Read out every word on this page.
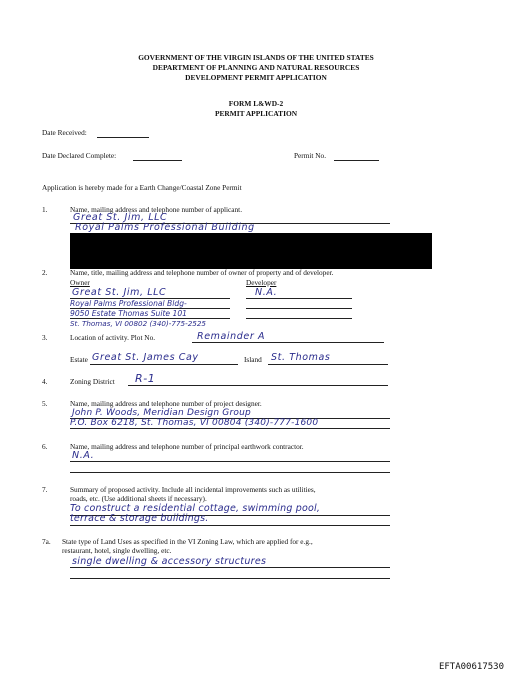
GOVERNMENT OF THE VIRGIN ISLANDS OF THE UNITED STATES
DEPARTMENT OF PLANNING AND NATURAL RESOURCES
DEVELOPMENT PERMIT APPLICATION
FORM L&WD-2
PERMIT APPLICATION
Date Received:
Date Declared Complete:	Permit No.
Application is hereby made for a Earth Change/Coastal Zone Permit
1.	Name, mailing address and telephone number of applicant.
Great St. Jim, LLC
Royal Palms Professional Building
2.	Name, title, mailing address and telephone number of owner of property and of developer.
Owner	Developer
Great St. Jim, LLC	N.A.
Royal Palms Professional Bldg-
9050 Estate Thomas Suite 101
St. Thomas, VI 00802 (340)-775-2525
3.	Location of activity. Plot No.	Remainder A
Estate Great St. James Cay	Island St. Thomas
4.	Zoning District R-1
5.	Name, mailing address and telephone number of project designer.
John P. Woods, Meridian Design Group
P.O. Box 6218, St. Thomas, VI 00804 (340)-777-1600
6.	Name, mailing address and telephone number of principal earthwork contractor.
N.A.
7.	Summary of proposed activity. Include all incidental improvements such as utilities,
roads, etc. (Use additional sheets if necessary).
To construct a residential cottage, swimming pool,
terrace & storage buildings.
7a. State type of Land Uses as specified in the VI Zoning Law, which are applied for e.g.,
restaurant, hotel, single dwelling, etc.
single dwelling & accessory structures
EFTA00617530
